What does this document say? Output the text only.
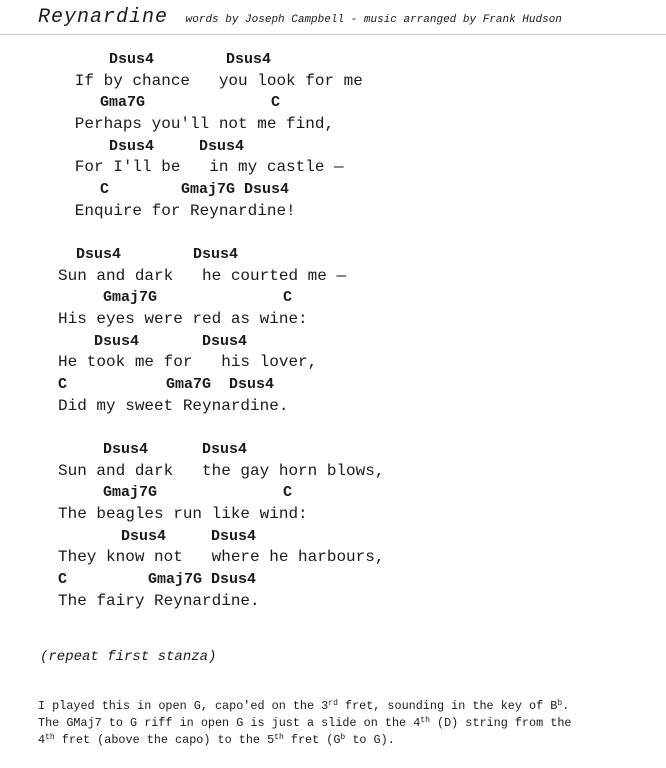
Reynardine words by Joseph Campbell - music arranged by Frank Hudson
Dsus4        Dsus4
If by chance   you look for me
Gma7G              C
Perhaps you'll not me find,
Dsus4     Dsus4
For I'll be   in my castle —
C        Gmaj7G Dsus4
Enquire for Reynardine!
Dsus4        Dsus4
Sun and dark   he courted me —
Gmaj7G              C
His eyes were red as wine:
Dsus4       Dsus4
He took me for   his lover,
C           Gma7G  Dsus4
Did my sweet Reynardine.
Dsus4      Dsus4
Sun and dark   the gay horn blows,
Gmaj7G              C
The beagles run like wind:
Dsus4     Dsus4
They know not   where he harbours,
C         Gmaj7G Dsus4
The fairy Reynardine.
(repeat first stanza)
I played this in open G, capo'ed on the 3rd fret, sounding in the key of $B^b$.
The GMaj7 to G riff in open G is just a slide on the 4th (D) string from the
4th fret (above the capo) to the 5th fret ($G^b$ to G).
